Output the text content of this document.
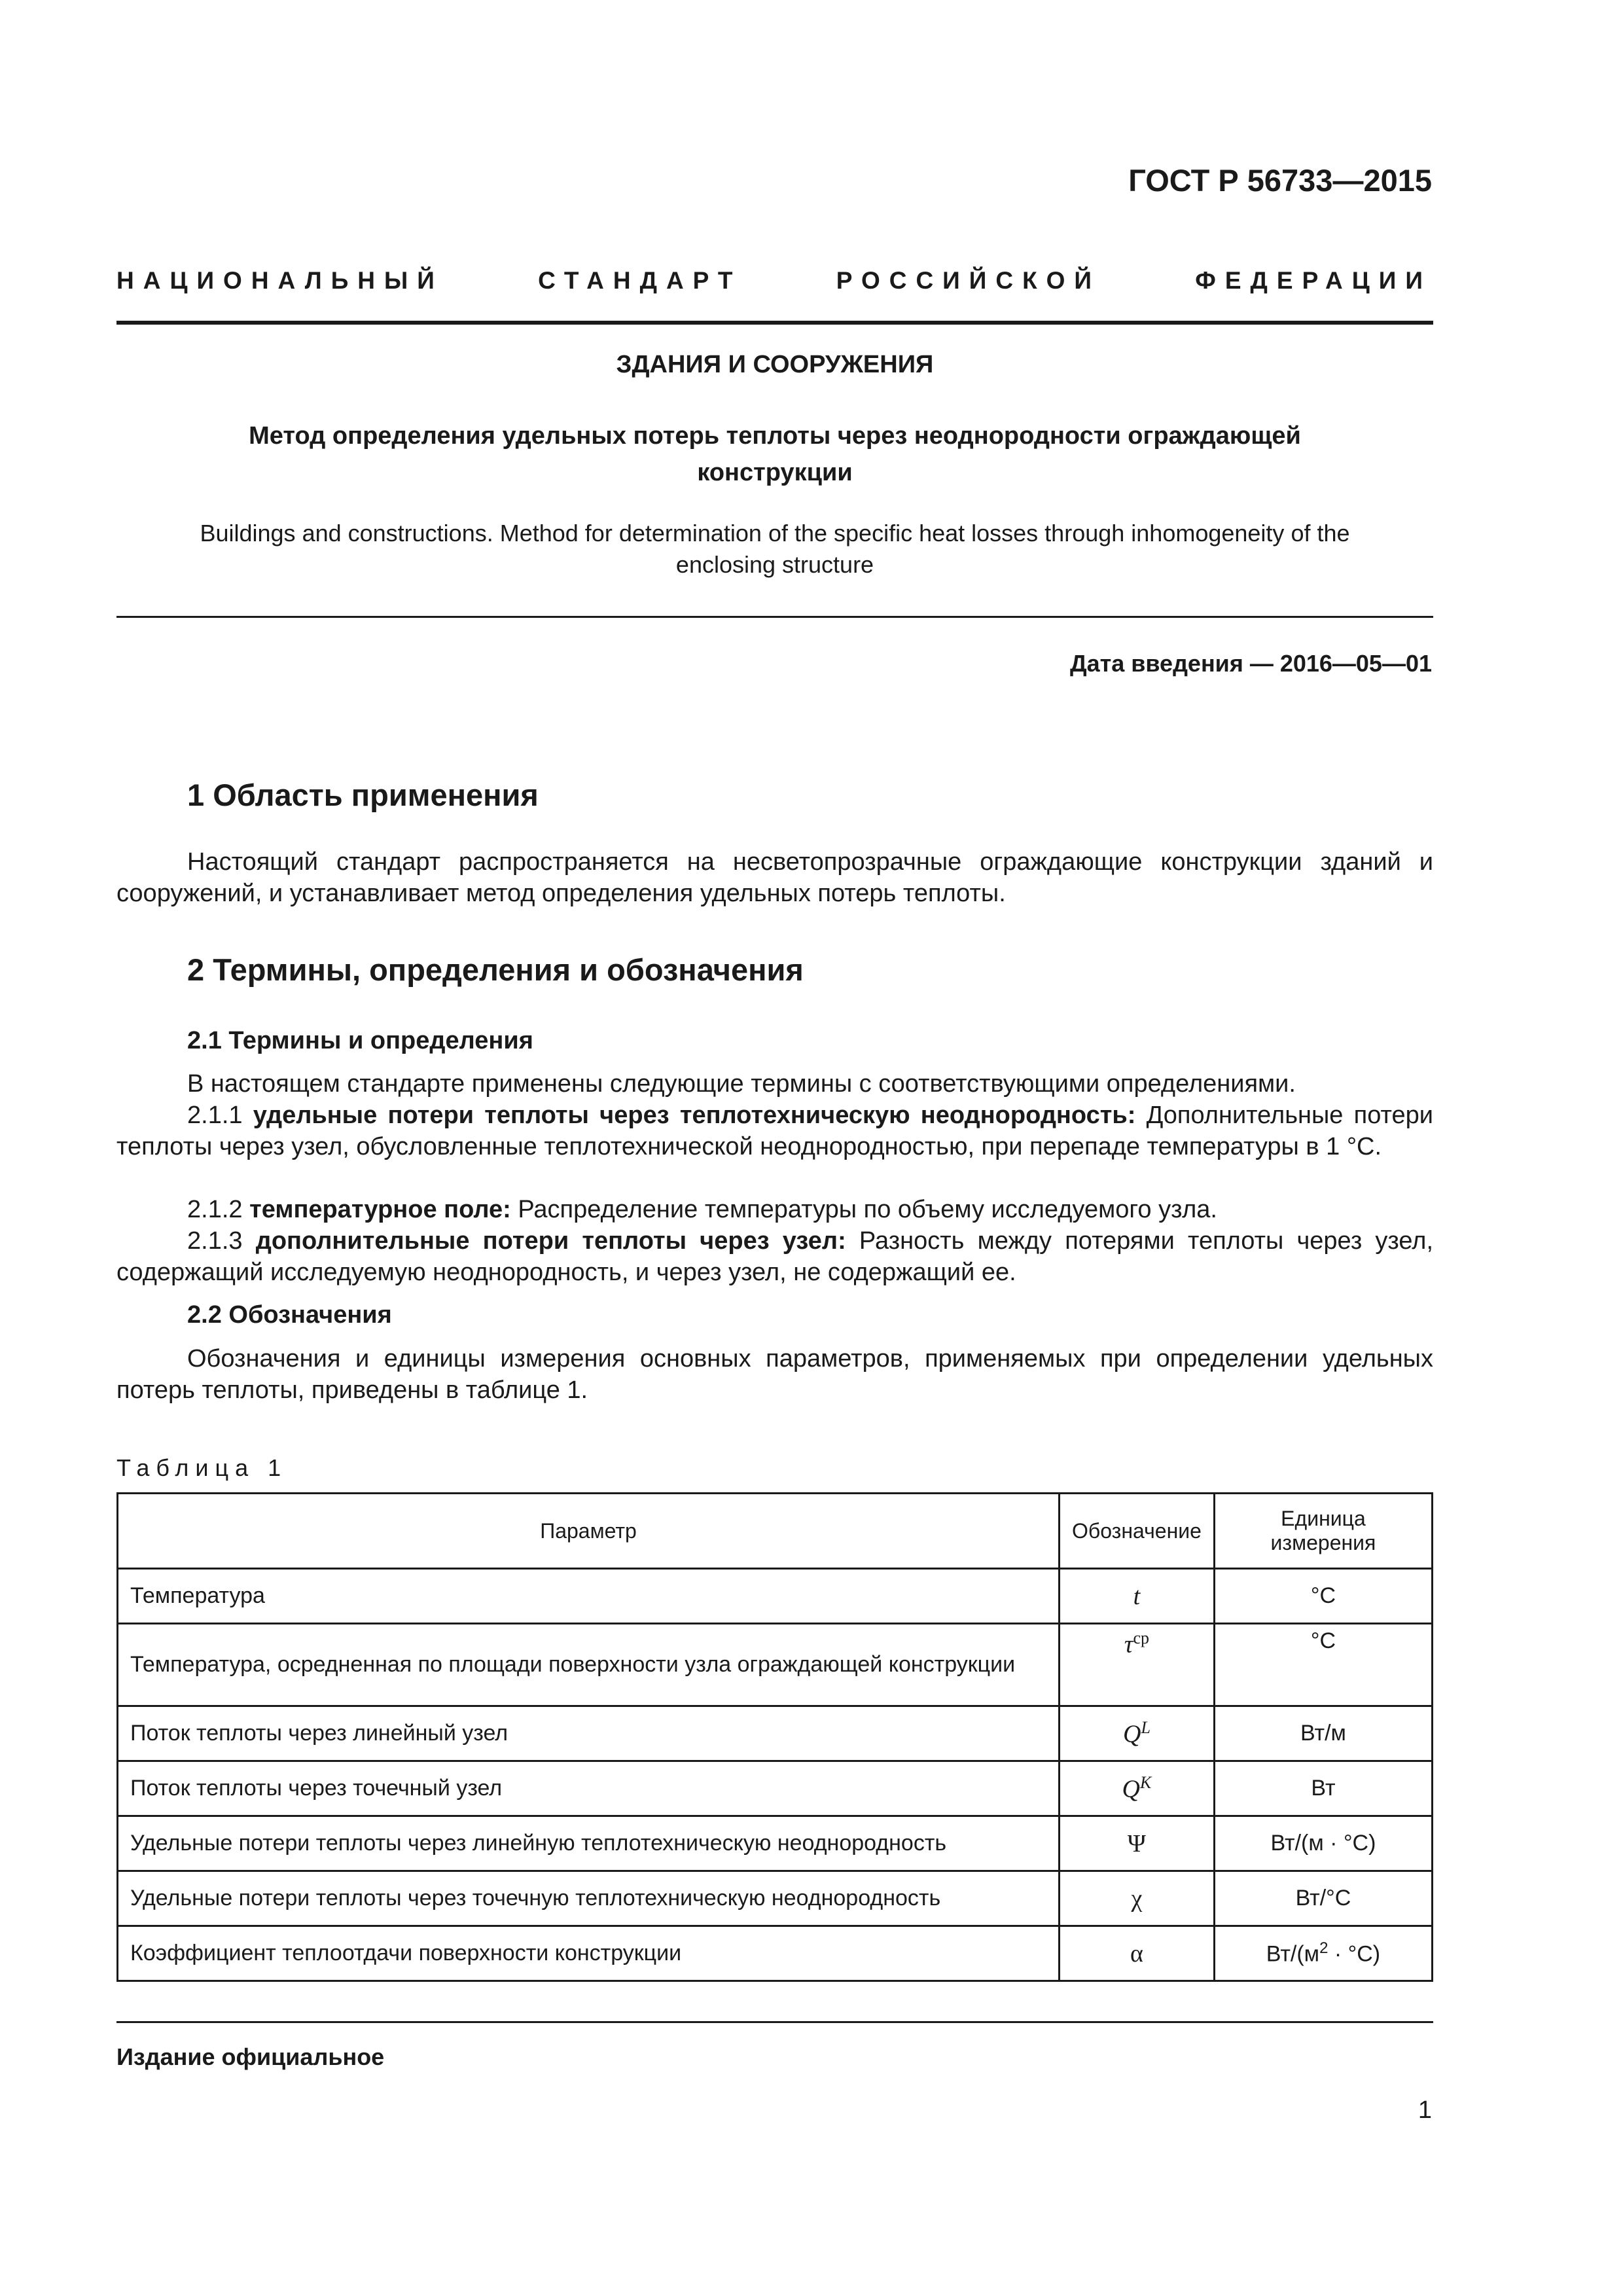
ГОСТ Р 56733—2015
НАЦИОНАЛЬНЫЙ	СТАНДАРТ	РОССИЙСКОЙ	ФЕДЕРАЦИИ
ЗДАНИЯ И СООРУЖЕНИЯ
Метод определения удельных потерь теплоты через неоднородности ограждающей
конструкции
Buildings and constructions. Method for determination of the specific heat losses through inhomogeneity of the
enclosing structure
Дата введения — 2016—05—01
1 Область применения
Настоящий стандарт распространяется на несветопрозрачные ограждающие конструкции зданий и сооружений, и устанавливает метод определения удельных потерь теплоты.
2 Термины, определения и обозначения
2.1 Термины и определения
В настоящем стандарте применены следующие термины с соответствующими определениями.
2.1.1 удельные потери теплоты через теплотехническую неоднородность: Дополнительные потери теплоты через узел, обусловленные теплотехнической неоднородностью, при перепаде температуры в 1 °С.
2.1.2 температурное поле: Распределение температуры по объему исследуемого узла.
2.1.3 дополнительные потери теплоты через узел: Разность между потерями теплоты через узел, содержащий исследуемую неоднородность, и через узел, не содержащий ее.
2.2 Обозначения
Обозначения и единицы измерения основных параметров, применяемых при определении удельных потерь теплоты, приведены в таблице 1.
Таблица 1
Параметр	Обозначение	Единица измерения
Температура	t	°C
Температура, осредненная по площади поверхности узла ограждающей конструкции	$\tau^{ср}$	°C
Поток теплоты через линейный узел	$Q^L$	Вт/м
Поток теплоты через точечный узел	$Q^K$	Вт
Удельные потери теплоты через линейную теплотехническую неоднородность	Ψ	Вт/(м · °C)
Удельные потери теплоты через точечную теплотехническую неоднородность	χ	Вт/°C
Коэффициент теплоотдачи поверхности конструкции	α	$Вт/(м^2 \cdot ^\circ C)$
Издание официальное
1
